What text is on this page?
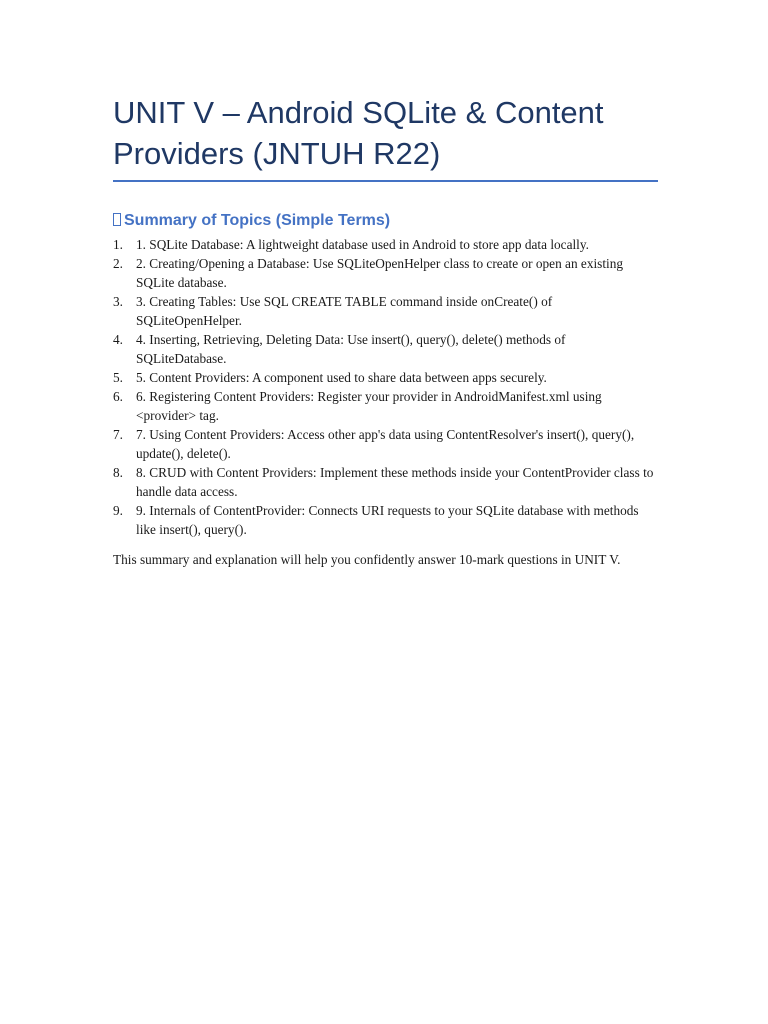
UNIT V – Android SQLite & Content Providers (JNTUH R22)
Summary of Topics (Simple Terms)
1. 1. SQLite Database: A lightweight database used in Android to store app data locally.
2. 2. Creating/Opening a Database: Use SQLiteOpenHelper class to create or open an existing SQLite database.
3. 3. Creating Tables: Use SQL CREATE TABLE command inside onCreate() of SQLiteOpenHelper.
4. 4. Inserting, Retrieving, Deleting Data: Use insert(), query(), delete() methods of SQLiteDatabase.
5. 5. Content Providers: A component used to share data between apps securely.
6. 6. Registering Content Providers: Register your provider in AndroidManifest.xml using <provider> tag.
7. 7. Using Content Providers: Access other app's data using ContentResolver's insert(), query(), update(), delete().
8. 8. CRUD with Content Providers: Implement these methods inside your ContentProvider class to handle data access.
9. 9. Internals of ContentProvider: Connects URI requests to your SQLite database with methods like insert(), query().

This summary and explanation will help you confidently answer 10-mark questions in UNIT V.
